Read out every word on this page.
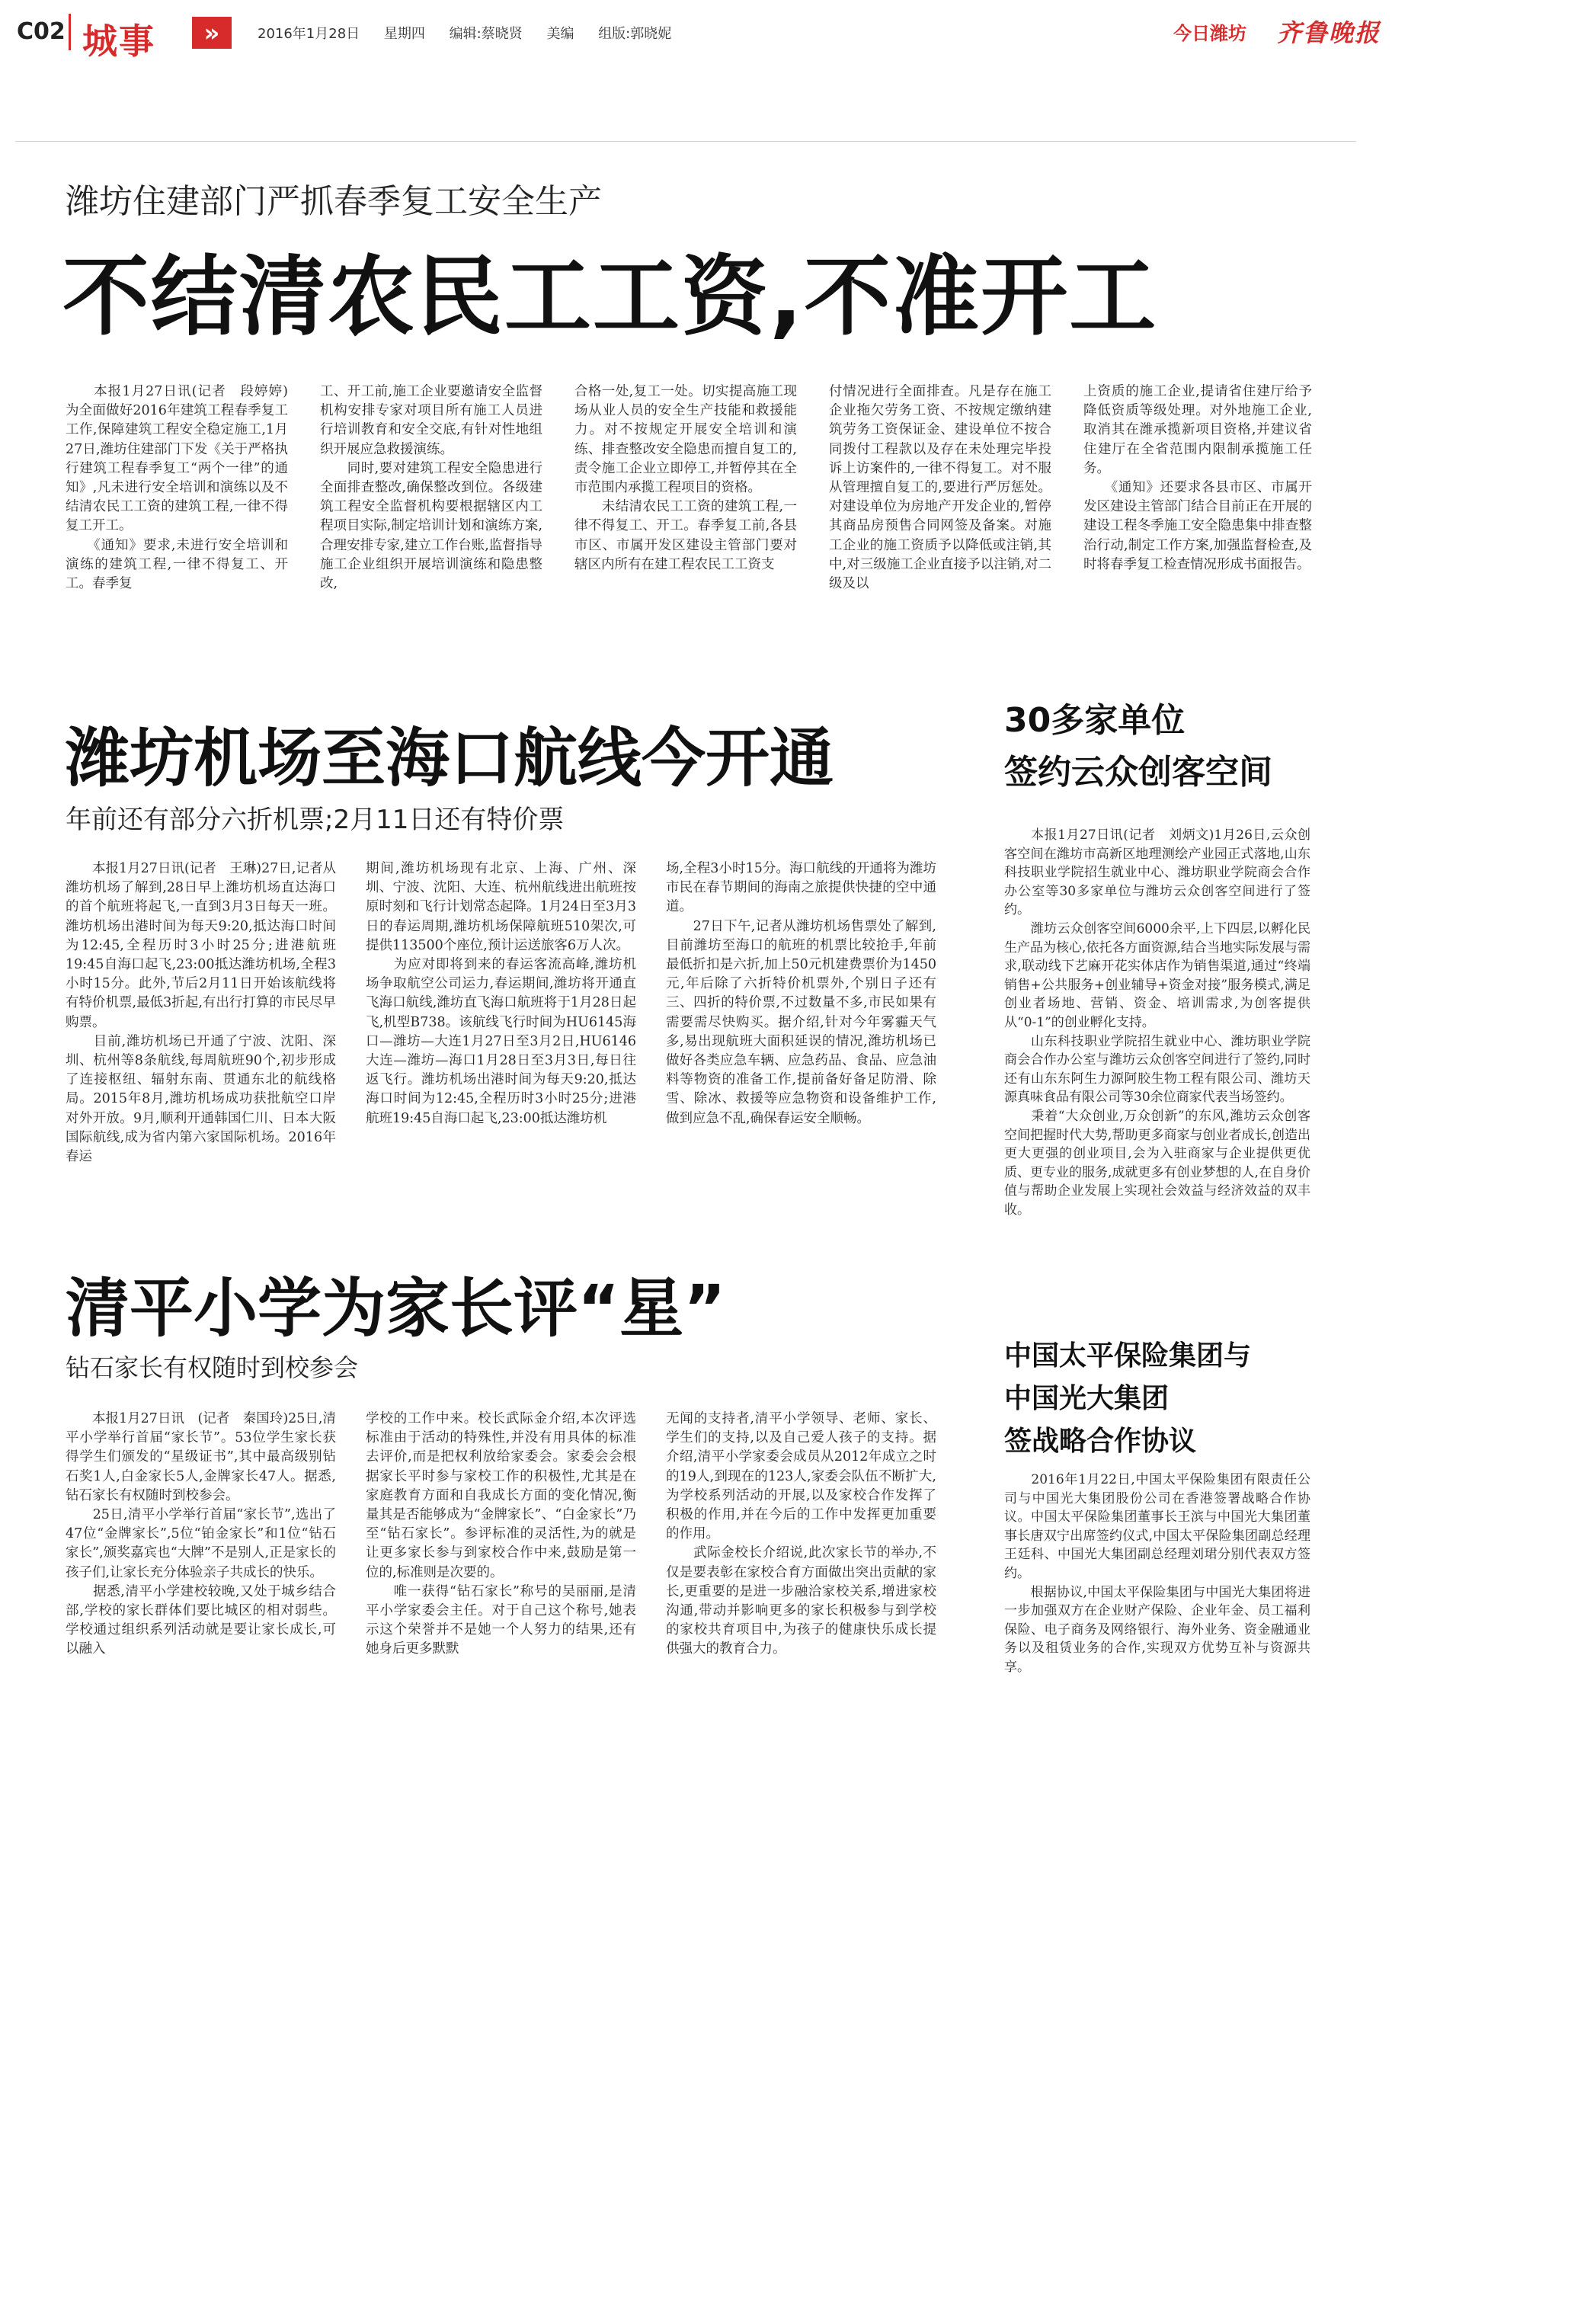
C02 城事	»	2016年1月28日 星期四 编辑:蔡晓贤 美编 组版:郭晓妮	今日潍坊 齐鲁晚报
潍坊住建部门严抓春季复工安全生产
不结清农民工工资,不准开工
　　本报1月27日讯(记者　段婷婷)为全面做好2016年建筑工程春季复工工作,保障建筑工程安全稳定施工,1月27日,潍坊住建部门下发《关于严格执行建筑工程春季复工“两个一律”的通知》,凡未进行安全培训和演练以及不结清农民工工资的建筑工程,一律不得复工开工。
　　《通知》要求,未进行安全培训和演练的建筑工程,一律不得复工、开工。春季复
工、开工前,施工企业要邀请安全监督机构安排专家对项目所有施工人员进行培训教育和安全交底,有针对性地组织开展应急救援演练。
　　同时,要对建筑工程安全隐患进行全面排查整改,确保整改到位。各级建筑工程安全监督机构要根据辖区内工程项目实际,制定培训计划和演练方案,合理安排专家,建立工作台账,监督指导施工企业组织开展培训演练和隐患整改,
合格一处,复工一处。切实提高施工现场从业人员的安全生产技能和救援能力。对不按规定开展安全培训和演练、排查整改安全隐患而擅自复工的,责令施工企业立即停工,并暂停其在全市范围内承揽工程项目的资格。
　　未结清农民工工资的建筑工程,一律不得复工、开工。春季复工前,各县市区、市属开发区建设主管部门要对辖区内所有在建工程农民工工资支
付情况进行全面排查。凡是存在施工企业拖欠劳务工资、不按规定缴纳建筑劳务工资保证金、建设单位不按合同拨付工程款以及存在未处理完毕投诉上访案件的,一律不得复工。对不服从管理擅自复工的,要进行严厉惩处。对建设单位为房地产开发企业的,暂停其商品房预售合同网签及备案。对施工企业的施工资质予以降低或注销,其中,对三级施工企业直接予以注销,对二级及以
上资质的施工企业,提请省住建厅给予降低资质等级处理。对外地施工企业,取消其在潍承揽新项目资格,并建议省住建厅在全省范围内限制承揽施工任务。
　　《通知》还要求各县市区、市属开发区建设主管部门结合目前正在开展的建设工程冬季施工安全隐患集中排查整治行动,制定工作方案,加强监督检查,及时将春季复工检查情况形成书面报告。
潍坊机场至海口航线今开通
年前还有部分六折机票;2月11日还有特价票
　　本报1月27日讯(记者　王琳)27日,记者从潍坊机场了解到,28日早上潍坊机场直达海口的首个航班将起飞,一直到3月3日每天一班。潍坊机场出港时间为每天9:20,抵达海口时间为12:45,全程历时3小时25分;进港航班19:45自海口起飞,23:00抵达潍坊机场,全程3小时15分。此外,节后2月11日开始该航线将有特价机票,最低3折起,有出行打算的市民尽早购票。
　　目前,潍坊机场已开通了宁波、沈阳、深圳、杭州等8条航线,每周航班90个,初步形成了连接枢纽、辐射东南、贯通东北的航线格局。2015年8月,潍坊机场成功获批航空口岸对外开放。9月,顺利开通韩国仁川、日本大阪国际航线,成为省内第六家国际机场。2016年春运
期间,潍坊机场现有北京、上海、广州、深圳、宁波、沈阳、大连、杭州航线进出航班按原时刻和飞行计划常态起降。1月24日至3月3日的春运周期,潍坊机场保障航班510架次,可提供113500个座位,预计运送旅客6万人次。
　　为应对即将到来的春运客流高峰,潍坊机场争取航空公司运力,春运期间,潍坊将开通直飞海口航线,潍坊直飞海口航班将于1月28日起飞,机型B738。该航线飞行时间为HU6145海口—潍坊—大连1月27日至3月2日,HU6146大连—潍坊—海口1月28日至3月3日,每日往返飞行。潍坊机场出港时间为每天9:20,抵达海口时间为12:45,全程历时3小时25分;进港航班19:45自海口起飞,23:00抵达潍坊机
场,全程3小时15分。海口航线的开通将为潍坊市民在春节期间的海南之旅提供快捷的空中通道。
　　27日下午,记者从潍坊机场售票处了解到,目前潍坊至海口的航班的机票比较抢手,年前最低折扣是六折,加上50元机建费票价为1450元,年后除了六折特价机票外,个别日子还有三、四折的特价票,不过数量不多,市民如果有需要需尽快购买。据介绍,针对今年雾霾天气多,易出现航班大面积延误的情况,潍坊机场已做好各类应急车辆、应急药品、食品、应急油料等物资的准备工作,提前备好备足防滑、除雪、除冰、救援等应急物资和设备维护工作,做到应急不乱,确保春运安全顺畅。
清平小学为家长评“星”
钻石家长有权随时到校参会
　　本报1月27日讯　(记者　秦国玲)25日,清平小学举行首届“家长节”。53位学生家长获得学生们颁发的“星级证书”,其中最高级别钻石奖1人,白金家长5人,金牌家长47人。据悉,钻石家长有权随时到校参会。
　　25日,清平小学举行首届“家长节”,选出了47位“金牌家长”,5位“铂金家长”和1位“钻石家长”,颁奖嘉宾也“大牌”不是别人,正是家长的孩子们,让家长充分体验亲子共成长的快乐。
　　据悉,清平小学建校较晚,又处于城乡结合部,学校的家长群体们要比城区的相对弱些。学校通过组织系列活动就是要让家长成长,可以融入
学校的工作中来。校长武际金介绍,本次评选标准由于活动的特殊性,并没有用具体的标准去评价,而是把权利放给家委会。家委会会根据家长平时参与家校工作的积极性,尤其是在家庭教育方面和自我成长方面的变化情况,衡量其是否能够成为“金牌家长”、“白金家长”乃至“钻石家长”。参评标准的灵活性,为的就是让更多家长参与到家校合作中来,鼓励是第一位的,标准则是次要的。
　　唯一获得“钻石家长”称号的吴丽丽,是清平小学家委会主任。对于自己这个称号,她表示这个荣誉并不是她一个人努力的结果,还有她身后更多默默
无闻的支持者,清平小学领导、老师、家长、学生们的支持,以及自己爱人孩子的支持。据介绍,清平小学家委会成员从2012年成立之时的19人,到现在的123人,家委会队伍不断扩大,为学校系列活动的开展,以及家校合作发挥了积极的作用,并在今后的工作中发挥更加重要的作用。
　　武际金校长介绍说,此次家长节的举办,不仅是要表彰在家校合育方面做出突出贡献的家长,更重要的是进一步融洽家校关系,增进家校沟通,带动并影响更多的家长积极参与到学校的家校共育项目中,为孩子的健康快乐成长提供强大的教育合力。
30多家单位
签约云众创客空间
　　本报1月27日讯(记者　刘炳文)1月26日,云众创客空间在潍坊市高新区地理测绘产业园正式落地,山东科技职业学院招生就业中心、潍坊职业学院商会合作办公室等30多家单位与潍坊云众创客空间进行了签约。
　　潍坊云众创客空间6000余平,上下四层,以孵化民生产品为核心,依托各方面资源,结合当地实际发展与需求,联动线下艺麻开花实体店作为销售渠道,通过“终端销售+公共服务+创业辅导+资金对接”服务模式,满足创业者场地、营销、资金、培训需求,为创客提供从“0-1”的创业孵化支持。
　　山东科技职业学院招生就业中心、潍坊职业学院商会合作办公室与潍坊云众创客空间进行了签约,同时还有山东东阿生力源阿胶生物工程有限公司、潍坊天源真味食品有限公司等30余位商家代表当场签约。
　　秉着“大众创业,万众创新”的东风,潍坊云众创客空间把握时代大势,帮助更多商家与创业者成长,创造出更大更强的创业项目,会为入驻商家与企业提供更优质、更专业的服务,成就更多有创业梦想的人,在自身价值与帮助企业发展上实现社会效益与经济效益的双丰收。
中国太平保险集团与
中国光大集团
签战略合作协议
　　2016年1月22日,中国太平保险集团有限责任公司与中国光大集团股份公司在香港签署战略合作协议。中国太平保险集团董事长王滨与中国光大集团董事长唐双宁出席签约仪式,中国太平保险集团副总经理王廷科、中国光大集团副总经理刘珺分别代表双方签约。
　　根据协议,中国太平保险集团与中国光大集团将进一步加强双方在企业财产保险、企业年金、员工福利保险、电子商务及网络银行、海外业务、资金融通业务以及租赁业务的合作,实现双方优势互补与资源共享。
